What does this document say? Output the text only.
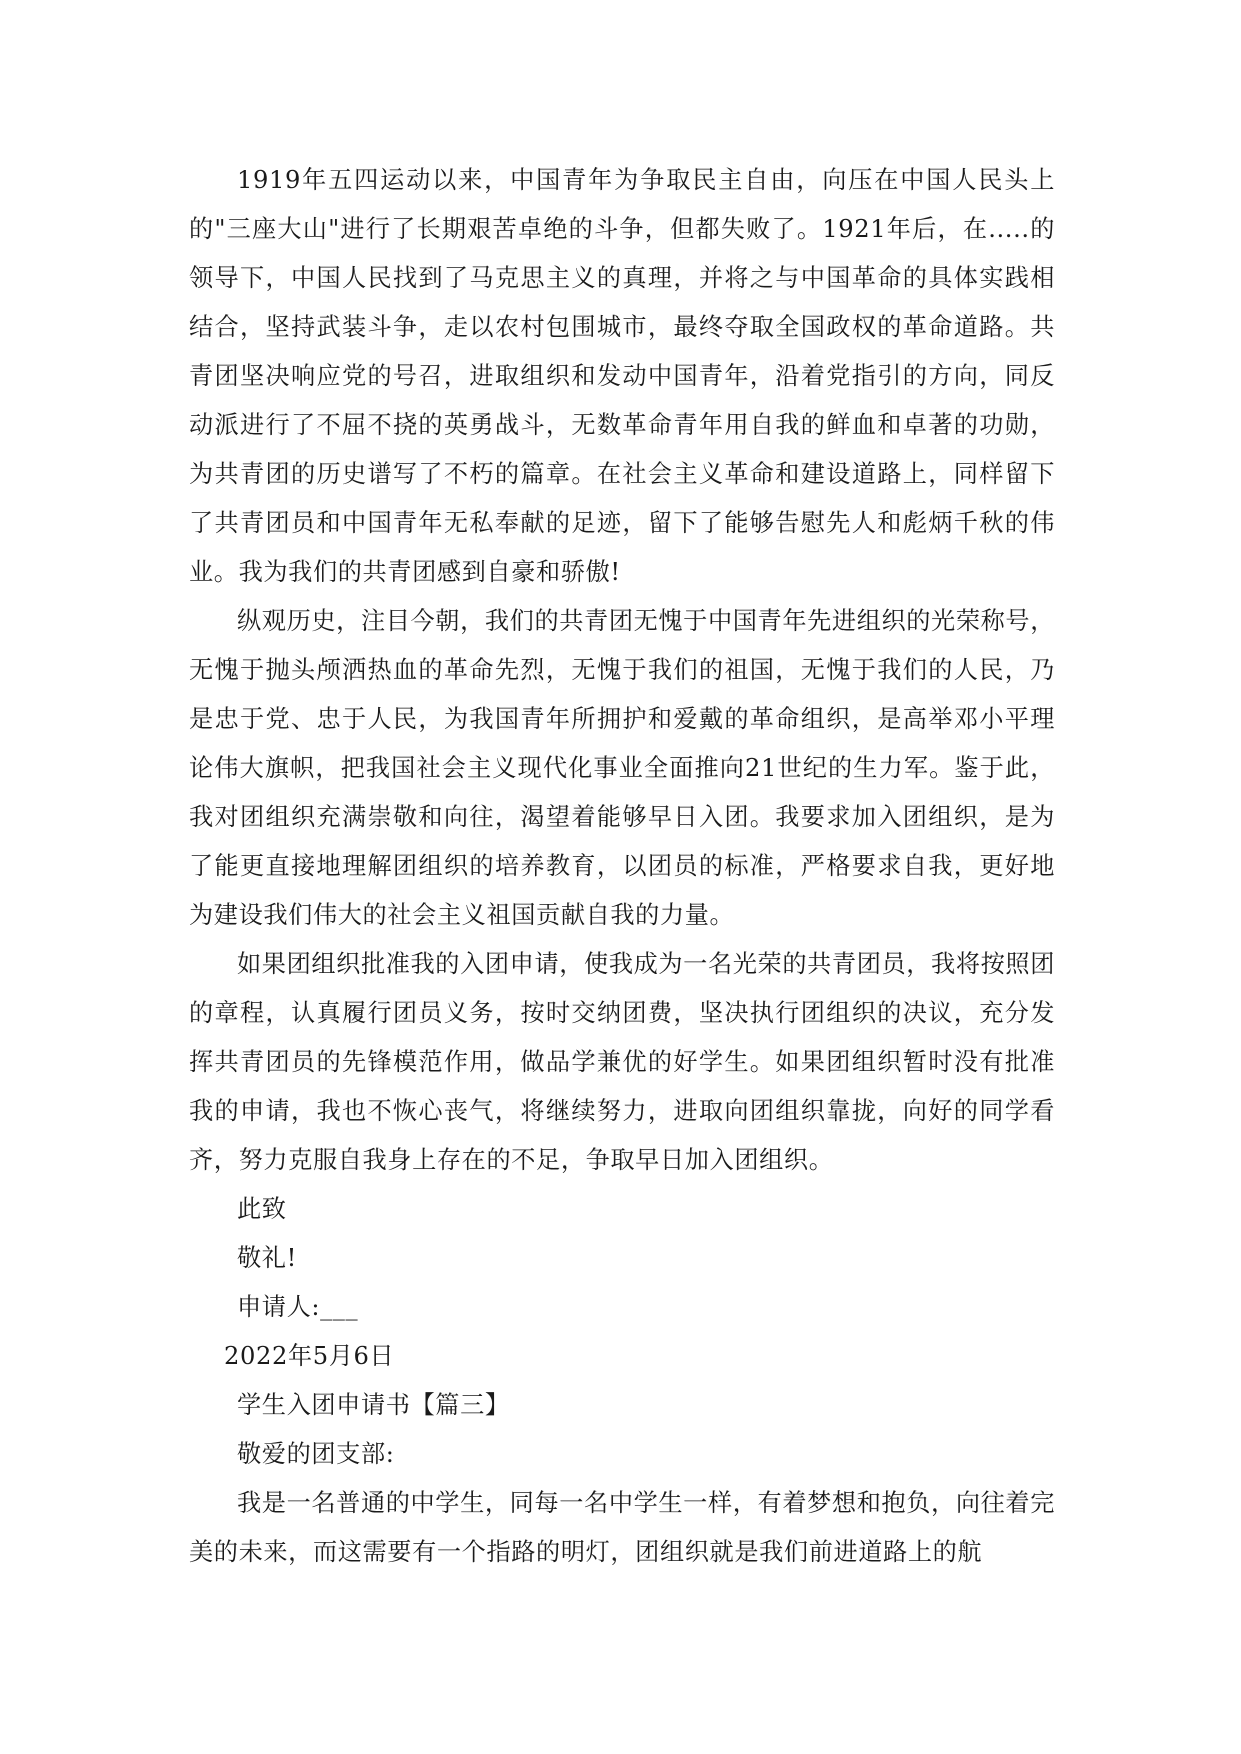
1919年五四运动以来，中国青年为争取民主自由，向压在中国人民头上的"三座大山"进行了长期艰苦卓绝的斗争，但都失败了。1921年后，在.....的领导下，中国人民找到了马克思主义的真理，并将之与中国革命的具体实践相结合，坚持武装斗争，走以农村包围城市，最终夺取全国政权的革命道路。共青团坚决响应党的号召，进取组织和发动中国青年，沿着党指引的方向，同反动派进行了不屈不挠的英勇战斗，无数革命青年用自我的鲜血和卓著的功勋，为共青团的历史谱写了不朽的篇章。在社会主义革命和建设道路上，同样留下了共青团员和中国青年无私奉献的足迹，留下了能够告慰先人和彪炳千秋的伟业。我为我们的共青团感到自豪和骄傲!

纵观历史，注目今朝，我们的共青团无愧于中国青年先进组织的光荣称号，无愧于抛头颅洒热血的革命先烈，无愧于我们的祖国，无愧于我们的人民，乃是忠于党、忠于人民，为我国青年所拥护和爱戴的革命组织，是高举邓小平理论伟大旗帜，把我国社会主义现代化事业全面推向21世纪的生力军。鉴于此，我对团组织充满崇敬和向往，渴望着能够早日入团。我要求加入团组织，是为了能更直接地理解团组织的培养教育，以团员的标准，严格要求自我，更好地为建设我们伟大的社会主义祖国贡献自我的力量。

如果团组织批准我的入团申请，使我成为一名光荣的共青团员，我将按照团的章程，认真履行团员义务，按时交纳团费，坚决执行团组织的决议，充分发挥共青团员的先锋模范作用，做品学兼优的好学生。如果团组织暂时没有批准我的申请，我也不恢心丧气，将继续努力，进取向团组织靠拢，向好的同学看齐，努力克服自我身上存在的不足，争取早日加入团组织。

此致

敬礼!

申请人:___

2022年5月6日

学生入团申请书【篇三】

敬爱的团支部:

我是一名普通的中学生，同每一名中学生一样，有着梦想和抱负，向往着完美的未来，而这需要有一个指路的明灯，团组织就是我们前进道路上的航
